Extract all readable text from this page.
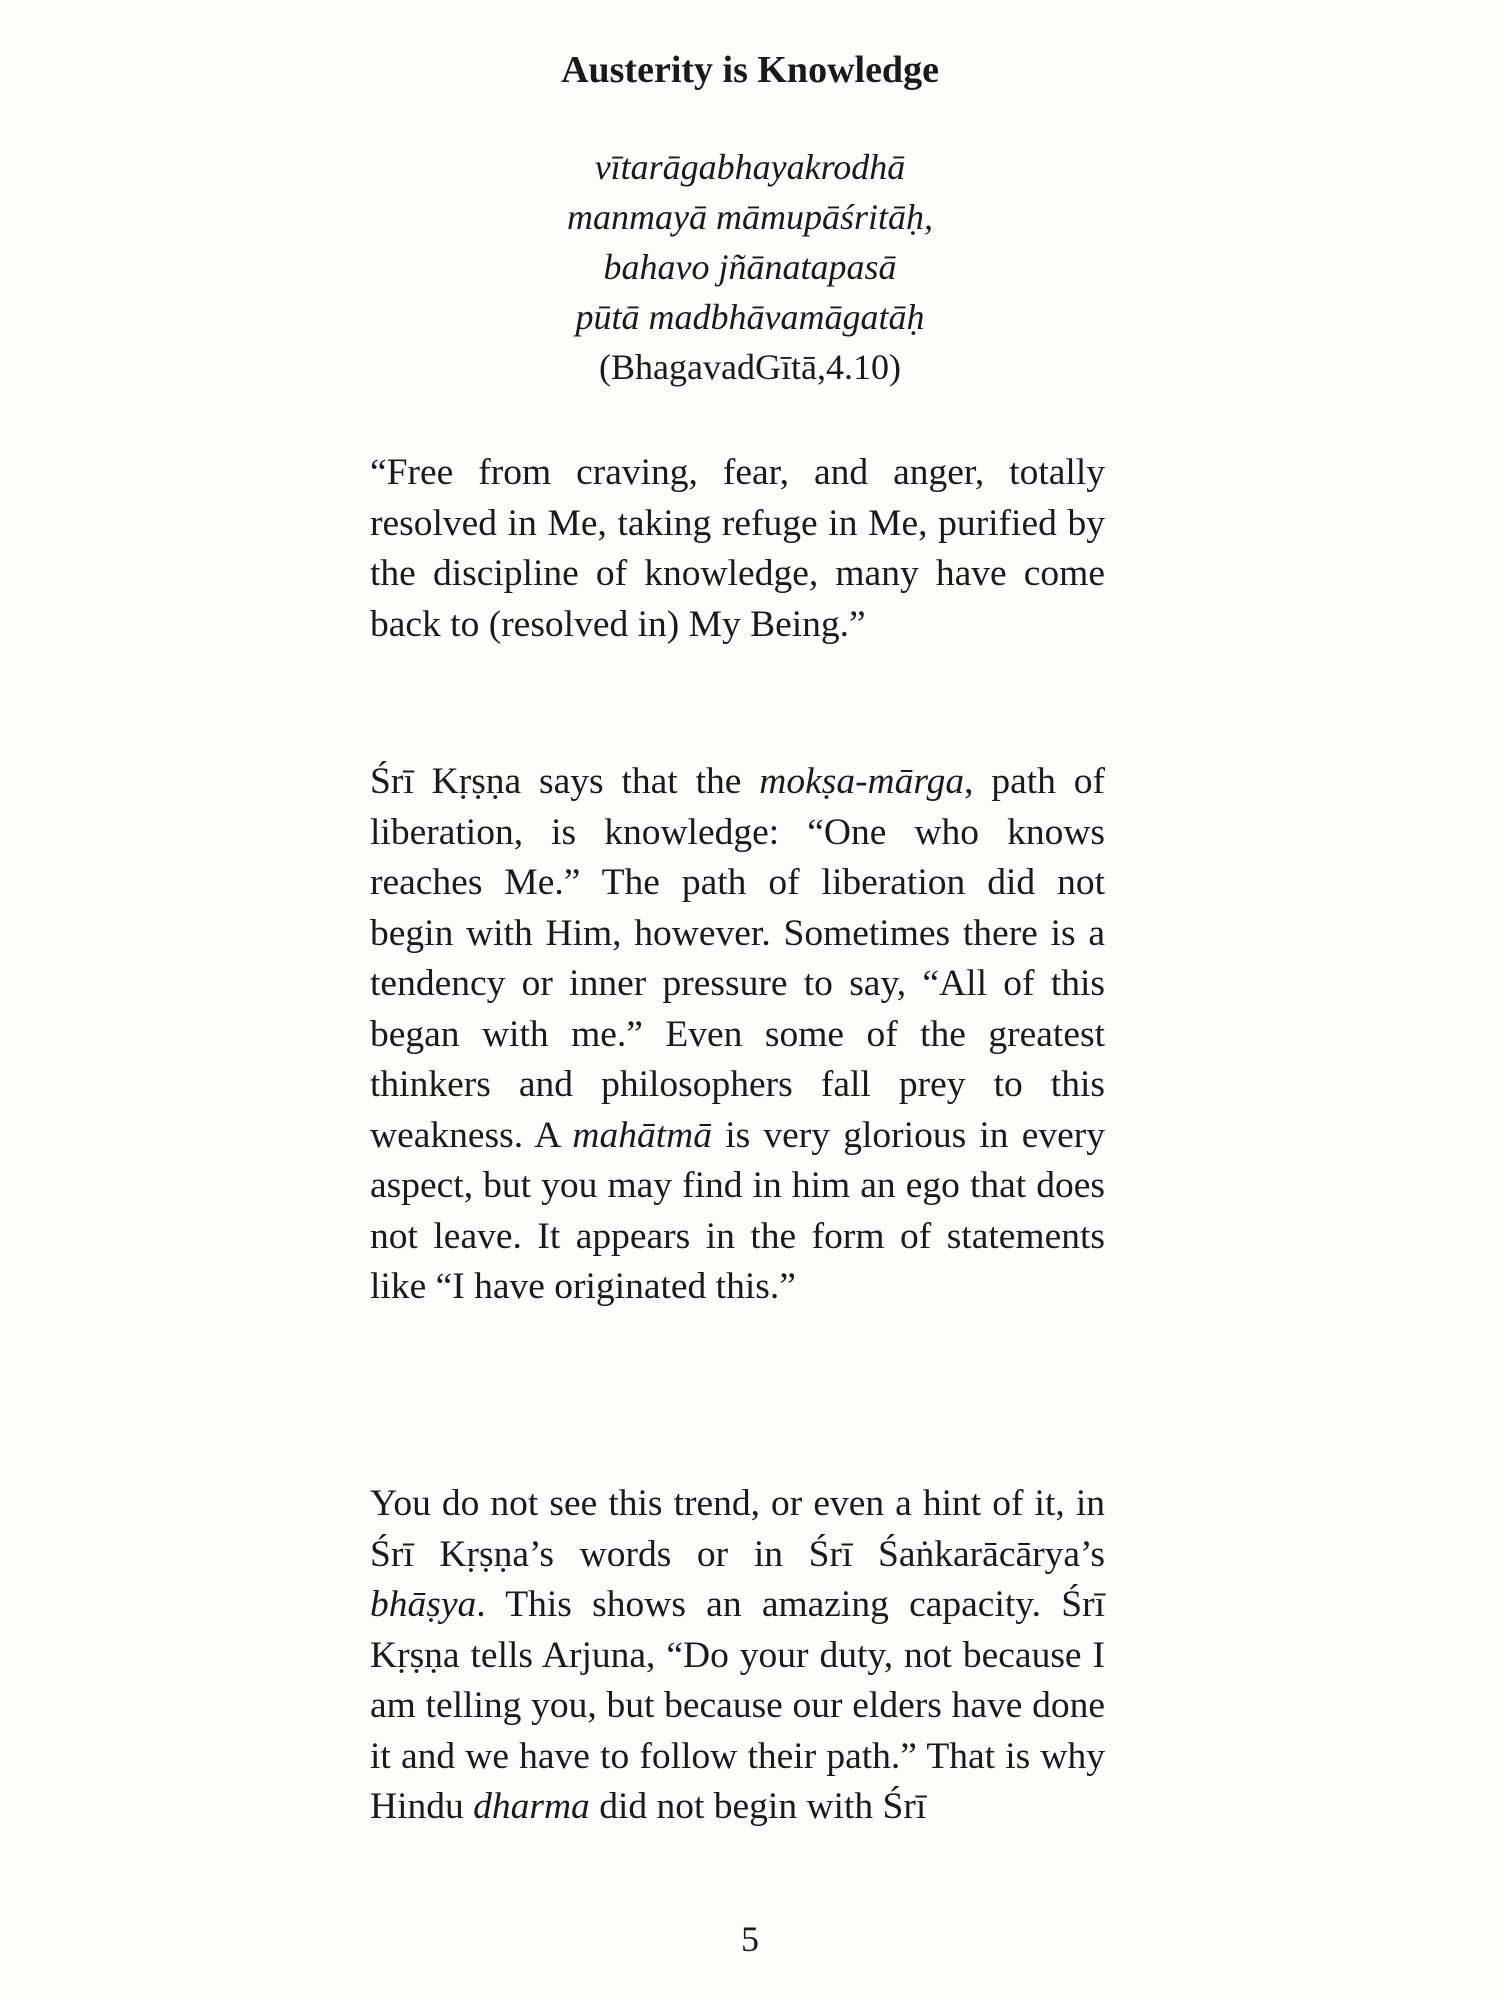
Austerity is Knowledge
vītarāgabhayakrodhā
manmayā māmupāśritāḥ,
bahavo jñānatapasā
pūtā madbhāvamāgatāḥ
(BhagavadGītā,4.10)

“Free from craving, fear, and anger, totally resolved in Me, taking refuge in Me, purified by the discipline of knowledge, many have come back to (resolved in) My Being.”

Śrī Kṛṣṇa says that the mokṣa-mārga, path of liberation, is knowledge: “One who knows reaches Me.” The path of liberation did not begin with Him, however. Sometimes there is a tendency or inner pressure to say, “All of this began with me.” Even some of the greatest thinkers and philosophers fall prey to this weakness. A mahātmā is very glorious in every aspect, but you may find in him an ego that does not leave. It appears in the form of statements like “I have originated this.”

You do not see this trend, or even a hint of it, in Śrī Kṛṣṇa’s words or in Śrī Śaṅkarācārya’s bhāṣya. This shows an amazing capacity. Śrī Kṛṣṇa tells Arjuna, “Do your duty, not because I am telling you, but because our elders have done it and we have to follow their path.” That is why Hindu dharma did not begin with Śrī

5
